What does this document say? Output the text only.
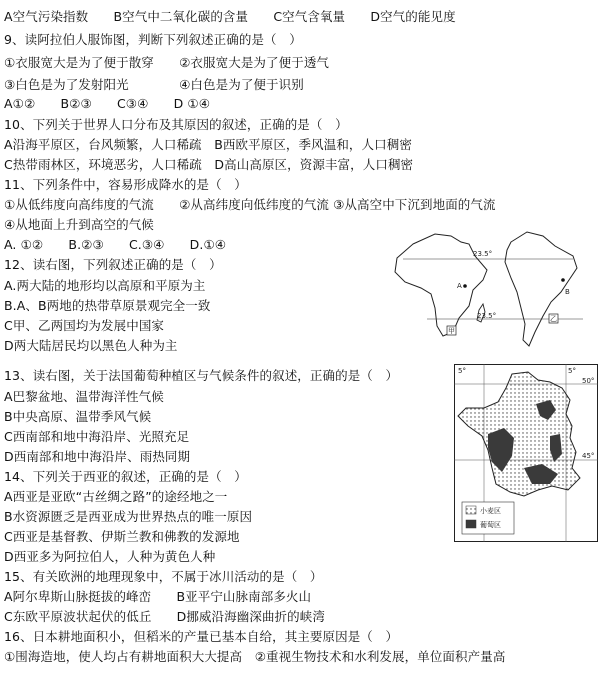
A空气污染指数　　B空气中二氧化碳的含量　　C空气含氧量　　D空气的能见度
9、读阿拉伯人服饰图，判断下列叙述正确的是（　）
①衣服宽大是为了便于散穿　　②衣服宽大是为了便于透气
③白色是为了发射阳光　　　　④白色是为了便于识别
A①②　　B②③　　C③④　　D ①④
10、下列关于世界人口分布及其原因的叙述，正确的是（　）
A沿海平原区，台风频繁，人口稀疏　B西欧平原区，季风温和，人口稠密
C热带雨林区，环境恶劣，人口稀疏　D高山高原区，资源丰富，人口稠密
11、下列条件中，容易形成降水的是（　）
①从低纬度向高纬度的气流　　②从高纬度向低纬度的气流 ③从高空中下沉到地面的气流
④从地面上升到高空的气候
A. ①②　　B.②③　　C.③④　　D.①④
12、读右图，下列叙述正确的是（　）
A.两大陆的地形均以高原和平原为主
B.A、B两地的热带草原景观完全一致
C甲、乙两国均为发展中国家
D两大陆居民均以黑色人种为主
13、读右图，关于法国葡萄种植区与气候条件的叙述，正确的是（　）
A巴黎盆地、温带海洋性气候
B中央高原、温带季风气候
C西南部和地中海沿岸、光照充足
D西南部和地中海沿岸、雨热同期
14、下列关于西亚的叙述，正确的是（　）
A西亚是亚欧“古丝绸之路”的途经地之一
B水资源匮乏是西亚成为世界热点的唯一原因
C西亚是基督教、伊斯兰教和佛教的发源地
D西亚多为阿拉伯人，人种为黄色人种
15、有关欧洲的地理现象中，不属于冰川活动的是（　）
A阿尔卑斯山脉挺拔的峰峦　　B亚平宁山脉南部多火山
C东欧平原波状起伏的低丘　　D挪威沿海幽深曲折的峡湾
16、日本耕地面积小，但稻米的产量已基本自给，其主要原因是（　）
①围海造地，使人均占有耕地面积大大提高　②重视生物技术和水利发展，单位面积产量高
23.5°
23.5°
A
B
甲
乙
5°	5°
50°
45°
小麦区
葡萄区
